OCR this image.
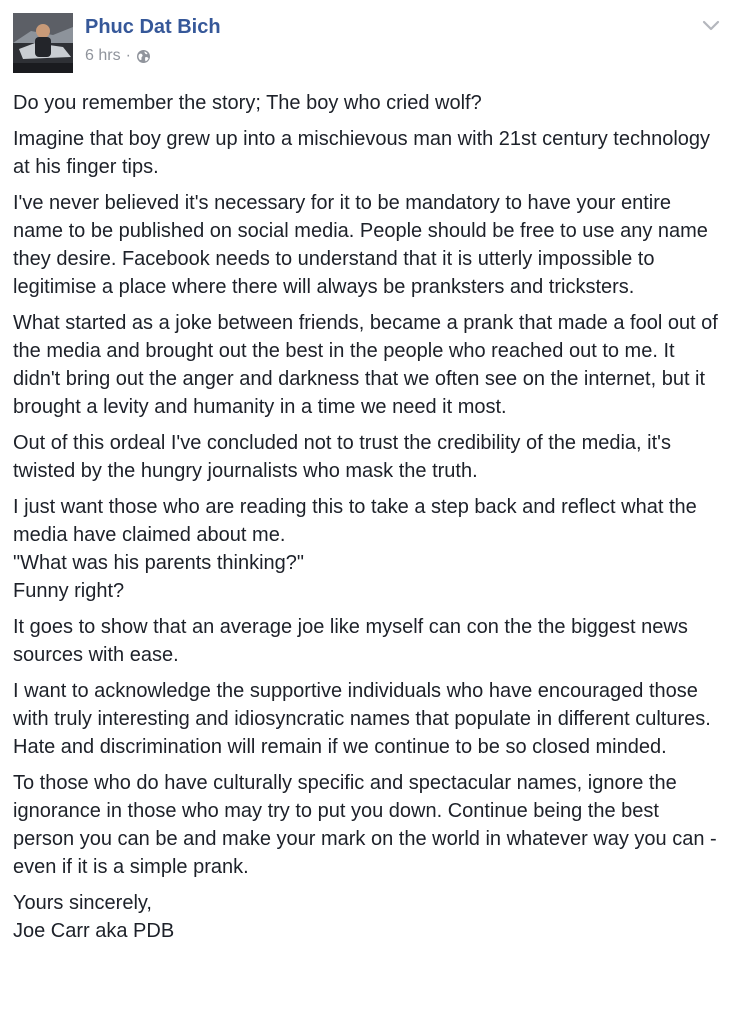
Phuc Dat Bich
6 hrs ·

Do you remember the story; The boy who cried wolf?

Imagine that boy grew up into a mischievous man with 21st century technology at his finger tips.

I've never believed it's necessary for it to be mandatory to have your entire name to be published on social media. People should be free to use any name they desire. Facebook needs to understand that it is utterly impossible to legitimise a place where there will always be pranksters and tricksters.

What started as a joke between friends, became a prank that made a fool out of the media and brought out the best in the people who reached out to me. It didn't bring out the anger and darkness that we often see on the internet, but it brought a levity and humanity in a time we need it most.

Out of this ordeal I've concluded not to trust the credibility of the media, it's twisted by the hungry journalists who mask the truth.

I just want those who are reading this to take a step back and reflect what the media have claimed about me.
"What was his parents thinking?"
Funny right?

It goes to show that an average joe like myself can con the the biggest news sources with ease.

I want to acknowledge the supportive individuals who have encouraged those with truly interesting and idiosyncratic names that populate in different cultures. Hate and discrimination will remain if we continue to be so closed minded.

To those who do have culturally specific and spectacular names, ignore the ignorance in those who may try to put you down. Continue being the best person you can be and make your mark on the world in whatever way you can - even if it is a simple prank.

Yours sincerely,
Joe Carr aka PDB
